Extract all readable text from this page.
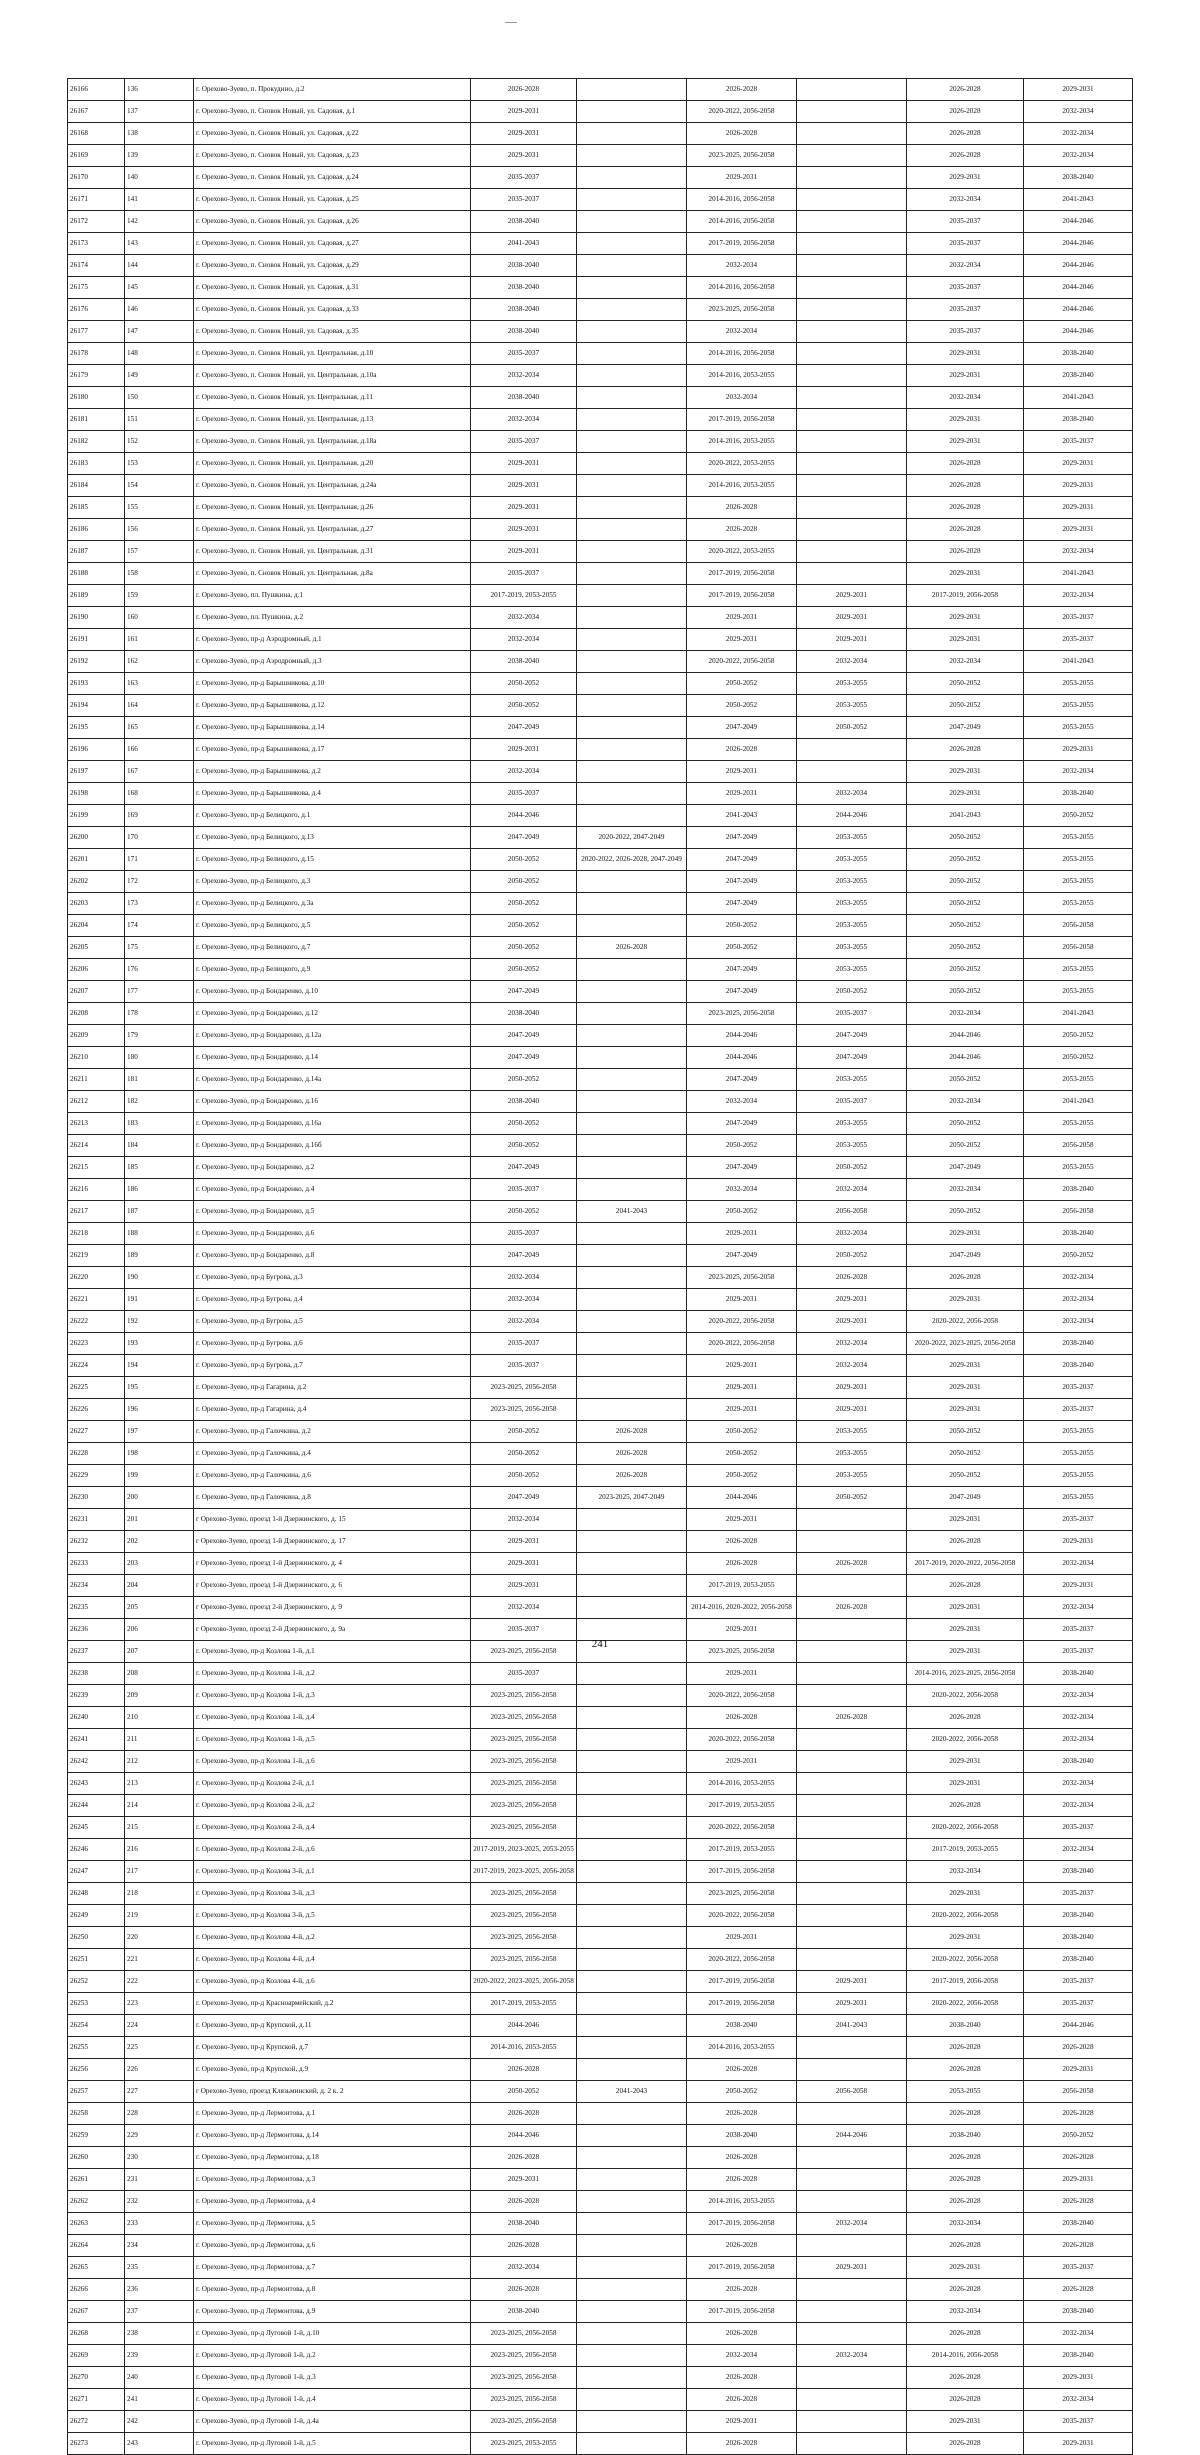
26166	136	г. Орехово-Зуево, п. Прокудино, д.2	2026-2028		2026-2028		2026-2028	2029-2031
26167	137	г. Орехово-Зуево, п. Сновок Новый, ул. Садовая, д.1	2029-2031		2020-2022, 2056-2058		2026-2028	2032-2034
26168	138	г. Орехово-Зуево, п. Сновок Новый, ул. Садовая, д.22	2029-2031		2026-2028		2026-2028	2032-2034
26169	139	г. Орехово-Зуево, п. Сновок Новый, ул. Садовая, д.23	2029-2031		2023-2025, 2056-2058		2026-2028	2032-2034
26170	140	г. Орехово-Зуево, п. Сновок Новый, ул. Садовая, д.24	2035-2037		2029-2031		2029-2031	2038-2040
26171	141	г. Орехово-Зуево, п. Сновок Новый, ул. Садовая, д.25	2035-2037		2014-2016, 2056-2058		2032-2034	2041-2043
26172	142	г. Орехово-Зуево, п. Сновок Новый, ул. Садовая, д.26	2038-2040		2014-2016, 2056-2058		2035-2037	2044-2046
26173	143	г. Орехово-Зуево, п. Сновок Новый, ул. Садовая, д.27	2041-2043		2017-2019, 2056-2058		2035-2037	2044-2046
26174	144	г. Орехово-Зуево, п. Сновок Новый, ул. Садовая, д.29	2038-2040		2032-2034		2032-2034	2044-2046
26175	145	г. Орехово-Зуево, п. Сновок Новый, ул. Садовая, д.31	2038-2040		2014-2016, 2056-2058		2035-2037	2044-2046
26176	146	г. Орехово-Зуево, п. Сновок Новый, ул. Садовая, д.33	2038-2040		2023-2025, 2056-2058		2035-2037	2044-2046
26177	147	г. Орехово-Зуево, п. Сновок Новый, ул. Садовая, д.35	2038-2040		2032-2034		2035-2037	2044-2046
26178	148	г. Орехово-Зуево, п. Сновок Новый, ул. Центральная, д.10	2035-2037		2014-2016, 2056-2058		2029-2031	2038-2040
26179	149	г. Орехово-Зуево, п. Сновок Новый, ул. Центральная, д.10а	2032-2034		2014-2016, 2053-2055		2029-2031	2038-2040
26180	150	г. Орехово-Зуево, п. Сновок Новый, ул. Центральная, д.11	2038-2040		2032-2034		2032-2034	2041-2043
26181	151	г. Орехово-Зуево, п. Сновок Новый, ул. Центральная, д.13	2032-2034		2017-2019, 2056-2058		2029-2031	2038-2040
26182	152	г. Орехово-Зуево, п. Сновок Новый, ул. Центральная, д.18а	2035-2037		2014-2016, 2053-2055		2029-2031	2035-2037
26183	153	г. Орехово-Зуево, п. Сновок Новый, ул. Центральная, д.20	2029-2031		2020-2022, 2053-2055		2026-2028	2029-2031
26184	154	г. Орехово-Зуево, п. Сновок Новый, ул. Центральная, д.24а	2029-2031		2014-2016, 2053-2055		2026-2028	2029-2031
26185	155	г. Орехово-Зуево, п. Сновок Новый, ул. Центральная, д.26	2029-2031		2026-2028		2026-2028	2029-2031
26186	156	г. Орехово-Зуево, п. Сновок Новый, ул. Центральная, д.27	2029-2031		2026-2028		2026-2028	2029-2031
26187	157	г. Орехово-Зуево, п. Сновок Новый, ул. Центральная, д.31	2029-2031		2020-2022, 2053-2055		2026-2028	2032-2034
26188	158	г. Орехово-Зуево, п. Сновок Новый, ул. Центральная, д.8а	2035-2037		2017-2019, 2056-2058		2029-2031	2041-2043
26189	159	г. Орехово-Зуево, пл. Пушкина, д.1	2017-2019, 2053-2055		2017-2019, 2056-2058	2029-2031	2017-2019, 2056-2058	2032-2034
26190	160	г. Орехово-Зуево, пл. Пушкина, д.2	2032-2034		2029-2031	2029-2031	2029-2031	2035-2037
26191	161	г. Орехово-Зуево, пр-д Аэродромный, д.1	2032-2034		2029-2031	2029-2031	2029-2031	2035-2037
26192	162	г. Орехово-Зуево, пр-д Аэродромный, д.3	2038-2040		2020-2022, 2056-2058	2032-2034	2032-2034	2041-2043
26193	163	г. Орехово-Зуево, пр-д Барышникова, д.10	2050-2052		2050-2052	2053-2055	2050-2052	2053-2055
26194	164	г. Орехово-Зуево, пр-д Барышникова, д.12	2050-2052		2050-2052	2053-2055	2050-2052	2053-2055
26195	165	г. Орехово-Зуево, пр-д Барышникова, д.14	2047-2049		2047-2049	2050-2052	2047-2049	2053-2055
26196	166	г. Орехово-Зуево, пр-д Барышникова, д.17	2029-2031		2026-2028		2026-2028	2029-2031
26197	167	г. Орехово-Зуево, пр-д Барышникова, д.2	2032-2034		2029-2031		2029-2031	2032-2034
26198	168	г. Орехово-Зуево, пр-д Барышникова, д.4	2035-2037		2029-2031	2032-2034	2029-2031	2038-2040
26199	169	г. Орехово-Зуево, пр-д Белицкого, д.1	2044-2046		2041-2043	2044-2046	2041-2043	2050-2052
26200	170	г. Орехово-Зуево, пр-д Белицкого, д.13	2047-2049	2020-2022, 2047-2049	2047-2049	2053-2055	2050-2052	2053-2055
26201	171	г. Орехово-Зуево, пр-д Белицкого, д.15	2050-2052	2020-2022, 2026-2028, 2047-2049	2047-2049	2053-2055	2050-2052	2053-2055
26202	172	г. Орехово-Зуево, пр-д Белицкого, д.3	2050-2052		2047-2049	2053-2055	2050-2052	2053-2055
26203	173	г. Орехово-Зуево, пр-д Белицкого, д.3а	2050-2052		2047-2049	2053-2055	2050-2052	2053-2055
26204	174	г. Орехово-Зуево, пр-д Белицкого, д.5	2050-2052		2050-2052	2053-2055	2050-2052	2056-2058
26205	175	г. Орехово-Зуево, пр-д Белицкого, д.7	2050-2052	2026-2028	2050-2052	2053-2055	2050-2052	2056-2058
26206	176	г. Орехово-Зуево, пр-д Белицкого, д.9	2050-2052		2047-2049	2053-2055	2050-2052	2053-2055
26207	177	г. Орехово-Зуево, пр-д Бондаренко, д.10	2047-2049		2047-2049	2050-2052	2050-2052	2053-2055
26208	178	г. Орехово-Зуево, пр-д Бондаренко, д.12	2038-2040		2023-2025, 2056-2058	2035-2037	2032-2034	2041-2043
26209	179	г. Орехово-Зуево, пр-д Бондаренко, д.12а	2047-2049		2044-2046	2047-2049	2044-2046	2050-2052
26210	180	г. Орехово-Зуево, пр-д Бондаренко, д.14	2047-2049		2044-2046	2047-2049	2044-2046	2050-2052
26211	181	г. Орехово-Зуево, пр-д Бондаренко, д.14а	2050-2052		2047-2049	2053-2055	2050-2052	2053-2055
26212	182	г. Орехово-Зуево, пр-д Бондаренко, д.16	2038-2040		2032-2034	2035-2037	2032-2034	2041-2043
26213	183	г. Орехово-Зуево, пр-д Бондаренко, д.16а	2050-2052		2047-2049	2053-2055	2050-2052	2053-2055
26214	184	г. Орехово-Зуево, пр-д Бондаренко, д.16б	2050-2052		2050-2052	2053-2055	2050-2052	2056-2058
26215	185	г. Орехово-Зуево, пр-д Бондаренко, д.2	2047-2049		2047-2049	2050-2052	2047-2049	2053-2055
26216	186	г. Орехово-Зуево, пр-д Бондаренко, д.4	2035-2037		2032-2034	2032-2034	2032-2034	2038-2040
26217	187	г. Орехово-Зуево, пр-д Бондаренко, д.5	2050-2052	2041-2043	2050-2052	2056-2058	2050-2052	2056-2058
26218	188	г. Орехово-Зуево, пр-д Бондаренко, д.6	2035-2037		2029-2031	2032-2034	2029-2031	2038-2040
26219	189	г. Орехово-Зуево, пр-д Бондаренко, д.8	2047-2049		2047-2049	2050-2052	2047-2049	2050-2052
26220	190	г. Орехово-Зуево, пр-д Бугрова, д.3	2032-2034		2023-2025, 2056-2058	2026-2028	2026-2028	2032-2034
26221	191	г. Орехово-Зуево, пр-д Бугрова, д.4	2032-2034		2029-2031	2029-2031	2029-2031	2032-2034
26222	192	г. Орехово-Зуево, пр-д Бугрова, д.5	2032-2034		2020-2022, 2056-2058	2029-2031	2020-2022, 2056-2058	2032-2034
26223	193	г. Орехово-Зуево, пр-д Бугрова, д.6	2035-2037		2020-2022, 2056-2058	2032-2034	2020-2022, 2023-2025, 2056-2058	2038-2040
26224	194	г. Орехово-Зуево, пр-д Бугрова, д.7	2035-2037		2029-2031	2032-2034	2029-2031	2038-2040
26225	195	г. Орехово-Зуево, пр-д Гагарина, д.2	2023-2025, 2056-2058		2029-2031	2029-2031	2029-2031	2035-2037
26226	196	г. Орехово-Зуево, пр-д Гагарина, д.4	2023-2025, 2056-2058		2029-2031	2029-2031	2029-2031	2035-2037
26227	197	г. Орехово-Зуево, пр-д Галочкина, д.2	2050-2052	2026-2028	2050-2052	2053-2055	2050-2052	2053-2055
26228	198	г. Орехово-Зуево, пр-д Галочкина, д.4	2050-2052	2026-2028	2050-2052	2053-2055	2050-2052	2053-2055
26229	199	г. Орехово-Зуево, пр-д Галочкина, д.6	2050-2052	2026-2028	2050-2052	2053-2055	2050-2052	2053-2055
26230	200	г. Орехово-Зуево, пр-д Галочкина, д.8	2047-2049	2023-2025, 2047-2049	2044-2046	2050-2052	2047-2049	2053-2055
26231	201	г Орехово-Зуево, проезд 1-й Дзержинского, д. 15	2032-2034		2029-2031		2029-2031	2035-2037
26232	202	г Орехово-Зуево, проезд 1-й Дзержинского, д. 17	2029-2031		2026-2028		2026-2028	2029-2031
26233	203	г Орехово-Зуево, проезд 1-й Дзержинского, д. 4	2029-2031		2026-2028	2026-2028	2017-2019, 2020-2022, 2056-2058	2032-2034
26234	204	г Орехово-Зуево, проезд 1-й Дзержинского, д. 6	2029-2031		2017-2019, 2053-2055		2026-2028	2029-2031
26235	205	г Орехово-Зуево, проезд 2-й Дзержинского, д. 9	2032-2034		2014-2016, 2020-2022, 2056-2058	2026-2028	2029-2031	2032-2034
26236	206	г Орехово-Зуево, проезд 2-й Дзержинского, д. 9а	2035-2037		2029-2031		2029-2031	2035-2037
26237	207	г. Орехово-Зуево, пр-д Козлова 1-й, д.1	2023-2025, 2056-2058		2023-2025, 2056-2058		2029-2031	2035-2037
26238	208	г. Орехово-Зуево, пр-д Козлова 1-й, д.2	2035-2037		2029-2031		2014-2016, 2023-2025, 2056-2058	2038-2040
26239	209	г. Орехово-Зуево, пр-д Козлова 1-й, д.3	2023-2025, 2056-2058		2020-2022, 2056-2058		2020-2022, 2056-2058	2032-2034
26240	210	г. Орехово-Зуево, пр-д Козлова 1-й, д.4	2023-2025, 2056-2058		2026-2028	2026-2028	2026-2028	2032-2034
26241	211	г. Орехово-Зуево, пр-д Козлова 1-й, д.5	2023-2025, 2056-2058		2020-2022, 2056-2058		2020-2022, 2056-2058	2032-2034
26242	212	г. Орехово-Зуево, пр-д Козлова 1-й, д.6	2023-2025, 2056-2058		2029-2031		2029-2031	2038-2040
26243	213	г. Орехово-Зуево, пр-д Козлова 2-й, д.1	2023-2025, 2056-2058		2014-2016, 2053-2055		2029-2031	2032-2034
26244	214	г. Орехово-Зуево, пр-д Козлова 2-й, д.2	2023-2025, 2056-2058		2017-2019, 2053-2055		2026-2028	2032-2034
26245	215	г. Орехово-Зуево, пр-д Козлова 2-й, д.4	2023-2025, 2056-2058		2020-2022, 2056-2058		2020-2022, 2056-2058	2035-2037
26246	216	г. Орехово-Зуево, пр-д Козлова 2-й, д.6	2017-2019, 2023-2025, 2053-2055		2017-2019, 2053-2055		2017-2019, 2053-2055	2032-2034
26247	217	г. Орехово-Зуево, пр-д Козлова 3-й, д.1	2017-2019, 2023-2025, 2056-2058		2017-2019, 2056-2058		2032-2034	2038-2040
26248	218	г. Орехово-Зуево, пр-д Козлова 3-й, д.3	2023-2025, 2056-2058		2023-2025, 2056-2058		2029-2031	2035-2037
26249	219	г. Орехово-Зуево, пр-д Козлова 3-й, д.5	2023-2025, 2056-2058		2020-2022, 2056-2058		2020-2022, 2056-2058	2038-2040
26250	220	г. Орехово-Зуево, пр-д Козлова 4-й, д.2	2023-2025, 2056-2058		2029-2031		2029-2031	2038-2040
26251	221	г. Орехово-Зуево, пр-д Козлова 4-й, д.4	2023-2025, 2056-2058		2020-2022, 2056-2058		2020-2022, 2056-2058	2038-2040
26252	222	г. Орехово-Зуево, пр-д Козлова 4-й, д.6	2020-2022, 2023-2025, 2056-2058		2017-2019, 2056-2058	2029-2031	2017-2019, 2056-2058	2035-2037
26253	223	г. Орехово-Зуево, пр-д Красноармейский, д.2	2017-2019, 2053-2055		2017-2019, 2056-2058	2029-2031	2020-2022, 2056-2058	2035-2037
26254	224	г. Орехово-Зуево, пр-д Крупской, д.11	2044-2046		2038-2040	2041-2043	2038-2040	2044-2046
26255	225	г. Орехово-Зуево, пр-д Крупской, д.7	2014-2016, 2053-2055		2014-2016, 2053-2055		2026-2028	2026-2028
26256	226	г. Орехово-Зуево, пр-д Крупской, д.9	2026-2028		2026-2028		2026-2028	2029-2031
26257	227	г Орехово-Зуево, проезд Клязьминский, д. 2 к. 2	2050-2052	2041-2043	2050-2052	2056-2058	2053-2055	2056-2058
26258	228	г. Орехово-Зуево, пр-д Лермонтова, д.1	2026-2028		2026-2028		2026-2028	2026-2028
26259	229	г. Орехово-Зуево, пр-д Лермонтова, д.14	2044-2046		2038-2040	2044-2046	2038-2040	2050-2052
26260	230	г. Орехово-Зуево, пр-д Лермонтова, д.18	2026-2028		2026-2028		2026-2028	2026-2028
26261	231	г. Орехово-Зуево, пр-д Лермонтова, д.3	2029-2031		2026-2028		2026-2028	2029-2031
26262	232	г. Орехово-Зуево, пр-д Лермонтова, д.4	2026-2028		2014-2016, 2053-2055		2026-2028	2026-2028
26263	233	г. Орехово-Зуево, пр-д Лермонтова, д.5	2038-2040		2017-2019, 2056-2058	2032-2034	2032-2034	2038-2040
26264	234	г. Орехово-Зуево, пр-д Лермонтова, д.6	2026-2028		2026-2028		2026-2028	2026-2028
26265	235	г. Орехово-Зуево, пр-д Лермонтова, д.7	2032-2034		2017-2019, 2056-2058	2029-2031	2029-2031	2035-2037
26266	236	г. Орехово-Зуево, пр-д Лермонтова, д.8	2026-2028		2026-2028		2026-2028	2026-2028
26267	237	г. Орехово-Зуево, пр-д Лермонтова, д.9	2038-2040		2017-2019, 2056-2058		2032-2034	2038-2040
26268	238	г. Орехово-Зуево, пр-д Луговой 1-й, д.10	2023-2025, 2056-2058		2026-2028		2026-2028	2032-2034
26269	239	г. Орехово-Зуево, пр-д Луговой 1-й, д.2	2023-2025, 2056-2058		2032-2034	2032-2034	2014-2016, 2056-2058	2038-2040
26270	240	г. Орехово-Зуево, пр-д Луговой 1-й, д.3	2023-2025, 2056-2058		2026-2028		2026-2028	2029-2031
26271	241	г. Орехово-Зуево, пр-д Луговой 1-й, д.4	2023-2025, 2056-2058		2026-2028		2026-2028	2032-2034
26272	242	г. Орехово-Зуево, пр-д Луговой 1-й, д.4а	2023-2025, 2056-2058		2029-2031		2029-2031	2035-2037
26273	243	г. Орехово-Зуево, пр-д Луговой 1-й, д.5	2023-2025, 2053-2055		2026-2028		2026-2028	2029-2031
241
